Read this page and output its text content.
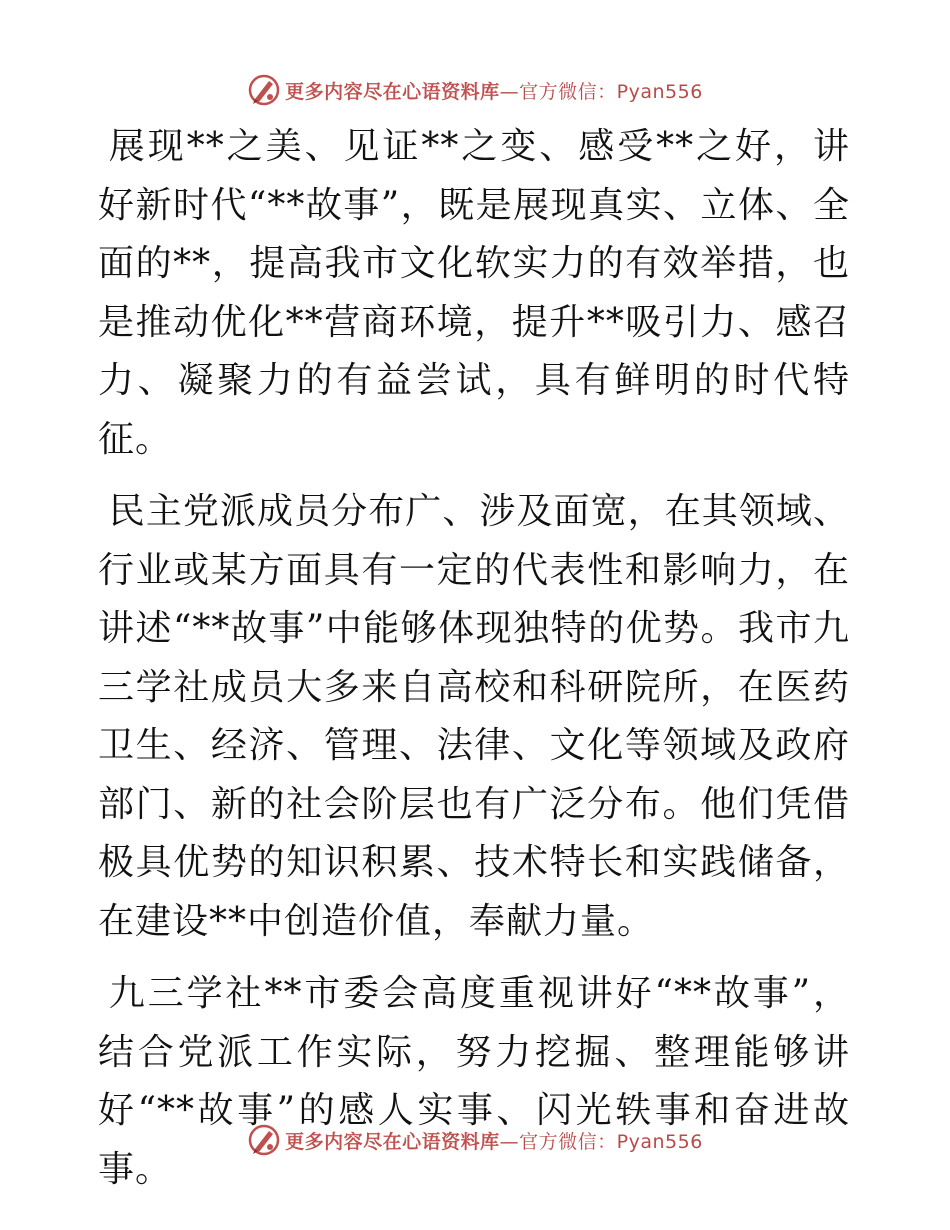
更多内容尽在心语资料库—官方微信：Pyan556

展现**之美、见证**之变、感受**之好，讲好新时代“**故事”，既是展现真实、立体、全面的**，提高我市文化软实力的有效举措，也是推动优化**营商环境，提升**吸引力、感召力、凝聚力的有益尝试，具有鲜明的时代特征。

民主党派成员分布广、涉及面宽，在其领域、行业或某方面具有一定的代表性和影响力，在讲述“**故事”中能够体现独特的优势。我市九三学社成员大多来自高校和科研院所，在医药卫生、经济、管理、法律、文化等领域及政府部门、新的社会阶层也有广泛分布。他们凭借极具优势的知识积累、技术特长和实践储备，在建设**中创造价值，奉献力量。

九三学社**市委会高度重视讲好“**故事”，结合党派工作实际，努力挖掘、整理能够讲好“**故事”的感人实事、闪光轶事和奋进故事。

更多内容尽在心语资料库—官方微信：Pyan556
